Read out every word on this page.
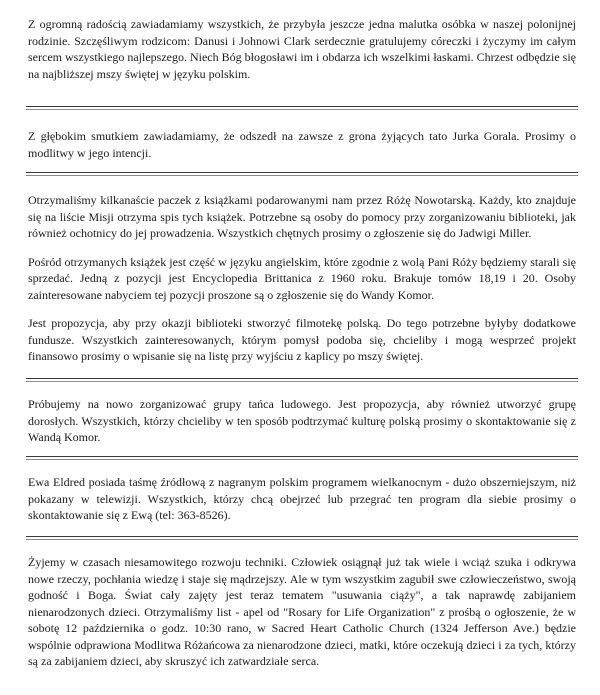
Z ogromną radością zawiadamiamy wszystkich, że przybyła jeszcze jedna malutka osóbka w naszej polonijnej rodzinie. Szczęśliwym rodzicom: Danusi i Johnowi Clark serdecznie gratulujemy córeczki i życzymy im całym sercem wszystkiego najlepszego. Niech Bóg błogosławi im i obdarza ich wszelkimi łaskami. Chrzest odbędzie się na najbliższej mszy świętej w języku polskim.

Z głębokim smutkiem zawiadamiamy, że odszedł na zawsze z grona żyjących tato Jurka Gorala. Prosimy o modlitwy w jego intencji.

Otrzymaliśmy kilkanaście paczek z książkami podarowanymi nam przez Różę Nowotarską. Każdy, kto znajduje się na liście Misji otrzyma spis tych książek. Potrzebne są osoby do pomocy przy zorganizowaniu biblioteki, jak również ochotnicy do jej prowadzenia. Wszystkich chętnych prosimy o zgłoszenie się do Jadwigi Miller.

Pośród otrzymanych książek jest część w języku angielskim, które zgodnie z wolą Pani Róży będziemy starali się sprzedać. Jedną z pozycji jest Encyclopedia Brittanica z 1960 roku. Brakuje tomów 18,19 i 20. Osoby zainteresowane nabyciem tej pozycji proszone są o zgłoszenie się do Wandy Komor.

Jest propozycja, aby przy okazji biblioteki stworzyć filmotekę polską. Do tego potrzebne byłyby dodatkowe fundusze. Wszystkich zainteresowanych, którym pomysł podoba się, chcieliby i mogą wesprzeć projekt finansowo prosimy o wpisanie się na listę przy wyjściu z kaplicy po mszy świętej.

Próbujemy na nowo zorganizować grupy tańca ludowego. Jest propozycja, aby również utworzyć grupę dorosłych. Wszystkich, którzy chcieliby w ten sposób podtrzymać kulturę polską prosimy o skontaktowanie się z Wandą Komor.

Ewa Eldred posiada taśmę źródłową z nagranym polskim programem wielkanocnym - dużo obszerniejszym, niż pokazany w telewizji. Wszystkich, którzy chcą obejrzeć lub przegrać ten program dla siebie prosimy o skontaktowanie się z Ewą (tel: 363-8526).

Żyjemy w czasach niesamowitego rozwoju techniki. Człowiek osiągnął już tak wiele i wciąż szuka i odkrywa nowe rzeczy, pochłania wiedzę i staje się mądrzejszy. Ale w tym wszystkim zagubił swe człowieczeństwo, swoją godność i Boga. Świat cały zajęty jest teraz tematem "usuwania ciąży", a tak naprawdę zabijaniem nienarodzonych dzieci. Otrzymaliśmy list - apel od "Rosary for Life Organization" z prośbą o ogłoszenie, że w sobotę 12 października o godz. 10:30 rano, w Sacred Heart Catholic Church (1324 Jefferson Ave.) będzie wspólnie odprawiona Modlitwa Różańcowa za nienarodzone dzieci, matki, które oczekują dzieci i za tych, którzy są za zabijaniem dzieci, aby skruszyć ich zatwardziałe serca.
